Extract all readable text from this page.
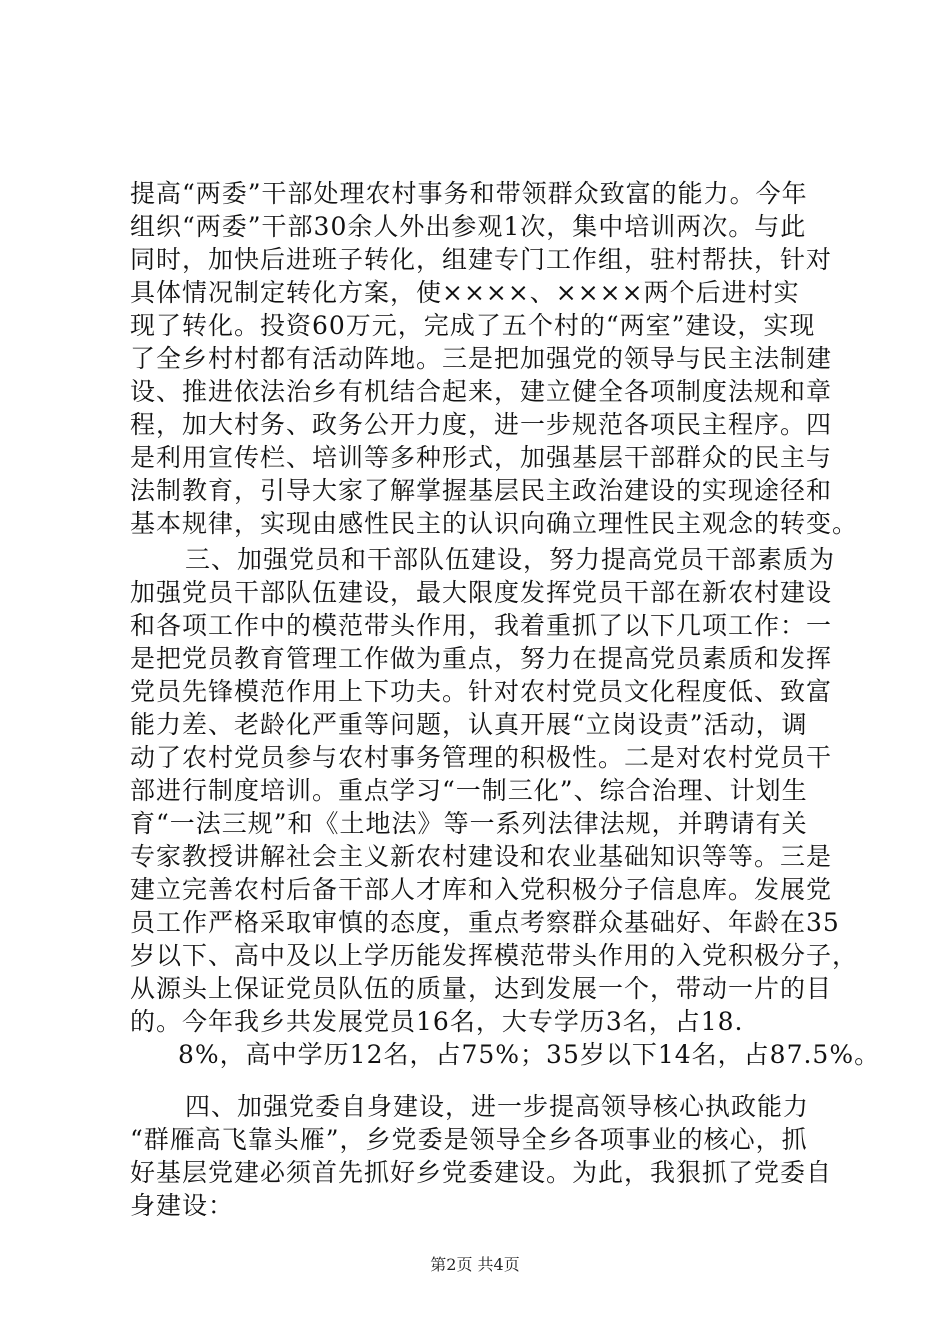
提高“两委”干部处理农村事务和带领群众致富的能力。今年
组织“两委”干部30余人外出参观1次，集中培训两次。与此
同时，加快后进班子转化，组建专门工作组，驻村帮扶，针对
具体情况制定转化方案，使××××、××××两个后进村实
现了转化。投资60万元，完成了五个村的“两室”建设，实现
了全乡村村都有活动阵地。三是把加强党的领导与民主法制建
设、推进依法治乡有机结合起来，建立健全各项制度法规和章
程，加大村务、政务公开力度，进一步规范各项民主程序。四
是利用宣传栏、培训等多种形式，加强基层干部群众的民主与
法制教育，引导大家了解掌握基层民主政治建设的实现途径和
基本规律，实现由感性民主的认识向确立理性民主观念的转变。
三、加强党员和干部队伍建设，努力提高党员干部素质为
加强党员干部队伍建设，最大限度发挥党员干部在新农村建设
和各项工作中的模范带头作用，我着重抓了以下几项工作：一
是把党员教育管理工作做为重点，努力在提高党员素质和发挥
党员先锋模范作用上下功夫。针对农村党员文化程度低、致富
能力差、老龄化严重等问题，认真开展“立岗设责”活动，调
动了农村党员参与农村事务管理的积极性。二是对农村党员干
部进行制度培训。重点学习“一制三化”、综合治理、计划生
育“一法三规”和《土地法》等一系列法律法规，并聘请有关
专家教授讲解社会主义新农村建设和农业基础知识等等。三是
建立完善农村后备干部人才库和入党积极分子信息库。发展党
员工作严格采取审慎的态度，重点考察群众基础好、年龄在35
岁以下、高中及以上学历能发挥模范带头作用的入党积极分子，
从源头上保证党员队伍的质量，达到发展一个，带动一片的目
的。今年我乡共发展党员16名，大专学历3名，占18.
8%，高中学历12名，占75%；35岁以下14名，占87.5%。
四、加强党委自身建设，进一步提高领导核心执政能力
“群雁高飞靠头雁”，乡党委是领导全乡各项事业的核心，抓
好基层党建必须首先抓好乡党委建设。为此，我狠抓了党委自
身建设：
第2页 共4页
